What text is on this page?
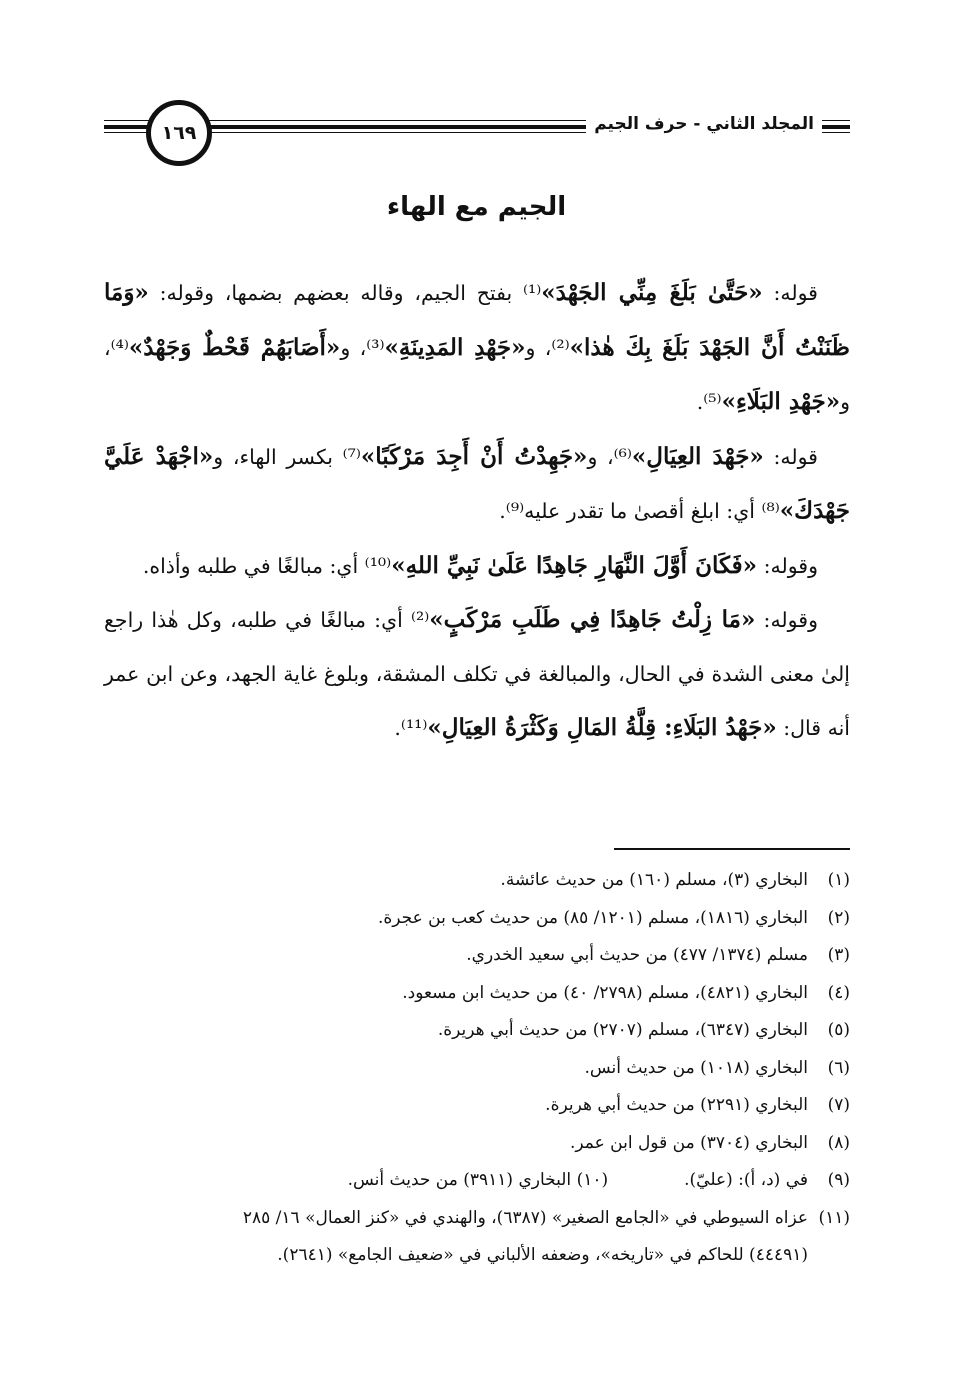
١٦٩	المجلد الثاني - حرف الجيم
الجيم مع الهاء

قوله: «حَتَّىٰ بَلَغَ مِنِّي الجَهْدَ»⁽¹⁾ بفتح الجيم، وقاله بعضهم بضمها، وقوله: «وَمَا ظَنَنْتُ أَنَّ الجَهْدَ بَلَغَ بِكَ هٰذا»⁽²⁾، و«جَهْدِ المَدِينَةِ»⁽³⁾، و«أَصَابَهُمْ قَحْطٌ وَجَهْدٌ»⁽⁴⁾، و«جَهْدِ البَلَاءِ»⁽⁵⁾.

قوله: «جَهْدَ العِيَالِ»⁽⁶⁾، و«جَهِدْتُ أَنْ أَجِدَ مَرْكَبًا»⁽⁷⁾ بكسر الهاء، و«اجْهَدْ عَلَيَّ جَهْدَكَ»⁽⁸⁾ أي: ابلغ أقصىٰ ما تقدر عليه⁽⁹⁾.

وقوله: «فَكَانَ أَوَّلَ النَّهَارِ جَاهِدًا عَلَىٰ نَبِيِّ اللهِ»⁽¹⁰⁾ أي: مبالغًا في طلبه وأذاه.

وقوله: «مَا زِلْتُ جَاهِدًا فِي طَلَبِ مَرْكَبٍ»⁽²⁾ أي: مبالغًا في طلبه، وكل هٰذا راجع إلىٰ معنى الشدة في الحال، والمبالغة في تكلف المشقة، وبلوغ غاية الجهد، وعن ابن عمر أنه قال: «جَهْدُ البَلَاءِ: قِلَّةُ المَالِ وَكَثْرَةُ العِيَالِ»⁽¹¹⁾.

(١)البخاري (٣)، مسلم (١٦٠) من حديث عائشة.
(٢)البخاري (١٨١٦)، مسلم (١٢٠١/ ٨٥) من حديث كعب بن عجرة.
(٣)مسلم (١٣٧٤/ ٤٧٧) من حديث أبي سعيد الخدري.
(٤)البخاري (٤٨٢١)، مسلم (٢٧٩٨/ ٤٠) من حديث ابن مسعود.
(٥)البخاري (٦٣٤٧)، مسلم (٢٧٠٧) من حديث أبي هريرة.
(٦)البخاري (١٠١٨) من حديث أنس.
(٧)البخاري (٢٢٩١) من حديث أبي هريرة.
(٨)البخاري (٣٧٠٤) من قول ابن عمر.
(٩)في (د، أ): (عليّ).
(١٠) البخاري (٣٩١١) من حديث أنس.
(١١)عزاه السيوطي في «الجامع الصغير» (٦٣٨٧)، والهندي في «كنز العمال» ١٦/ ٢٨٥
(٤٤٤٩١) للحاكم في «تاريخه»، وضعفه الألباني في «ضعيف الجامع» (٢٦٤١).
